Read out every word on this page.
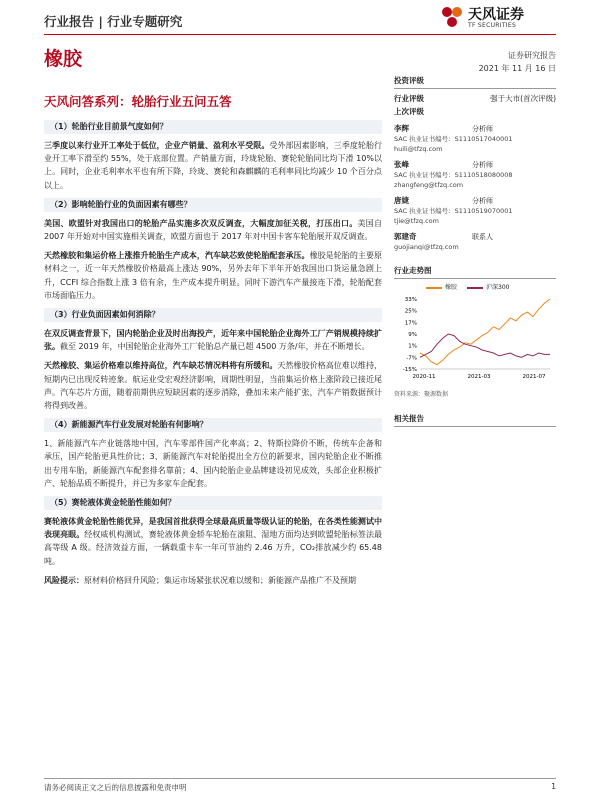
行业报告 | 行业专题研究	天风证券
TF SECURITIES
橡胶	证券研究报告
2021 年 11 月 16 日
天风问答系列：轮胎行业五问五答
（1）轮胎行业目前景气度如何？
三季度以来行业开工率处于低位，企业产销量、盈利水平受限。受外部因素影响，三季度轮胎行业开工率下滑至约 55%，处于底部位置。产销量方面，玲珑轮胎、赛轮轮胎同比均下滑 10%以上。同时，企业毛利率水平也有所下降，玲珑、赛轮和森麒麟的毛利率同比均减少 10 个百分点以上。
（2）影响轮胎行业的负面因素有哪些？
美国、欧盟针对我国出口的轮胎产品实施多次双反调查，大幅度加征关税，打压出口。美国自 2007 年开始对中国实施相关调查，欧盟方面也于 2017 年对中国卡客车轮胎展开双反调查。
天然橡胶和集运价格上涨推升轮胎生产成本，汽车缺芯致使轮胎配套承压。橡胶是轮胎的主要原材料之一，近一年天然橡胶价格最高上涨达 90%，另外去年下半年开始我国出口货运量急剧上升，CCFI 综合指数上涨 3 倍有余，生产成本提升明显。同时下游汽车产量接连下滑，轮胎配套市场面临压力。
（3）行业负面因素如何消除？
在双反调查背景下，国内轮胎企业及时出海投产，近年来中国轮胎企业海外工厂产销规模持续扩张。截至 2019 年，中国轮胎企业海外工厂轮胎总产量已超 4500 万条/年，并在不断增长。
天然橡胶、集运价格难以维持高位，汽车缺芯情况料将有所缓和。天然橡胶价格高位难以维持，短期内已出现反转迹象。航运业受宏观经济影响，周期性明显，当前集运价格上涨阶段已接近尾声。汽车芯片方面，随着前期供应短缺因素的逐步消除，叠加未来产能扩张，汽车产销数据预计将得到改善。
（4）新能源汽车行业发展对轮胎有何影响？
1、新能源汽车产业链落地中国，汽车零部件国产化率高；2、特斯拉降价不断，传统车企备和承压，国产轮胎更具性价比；3、新能源汽车对轮胎提出全方位的新要求，国内轮胎企业不断推出专用车胎，新能源汽车配套排名靠前；4、国内轮胎企业品牌建设初见成效，头部企业积极扩产、轮胎品质不断提升，并已为多家车企配套。
（5）赛轮液体黄金轮胎性能如何？
赛轮液体黄金轮胎性能优异，是我国首批获得全球最高质量等级认证的轮胎，在各类性能测试中表现亮眼。经权威机构测试，赛轮液体黄金轿车轮胎在滚阻、湿地方面均达到欧盟轮胎标签法最高等级 A 级。经济效益方面，一辆载重卡车一年可节油约 2.46 万升，CO₂排放减少约 65.48 吨。
风险提示：原材料价格回升风险；集运市场紧张状况难以缓和；新能源产品推广不及预期
投资评级
行业评级	强于大市(首次评级)
上次评级
李辉	分析师
SAC 执业证书编号：S1110517040001
huili@tfzq.com
张峰	分析师
SAC 执业证书编号：S1110518080008
zhangfeng@tfzq.com
唐婕	分析师
SAC 执业证书编号：S1110519070001
tjie@tfzq.com
郭建奇	联系人
guojianqi@tfzq.com
行业走势图
橡胶	沪深300
33%
25%
17%
9%
1%
-7%
-15%
2020-11	2021-03	2021-07
资料来源：聚源数据
相关报告
请务必阅读正文之后的信息披露和免责申明	1
